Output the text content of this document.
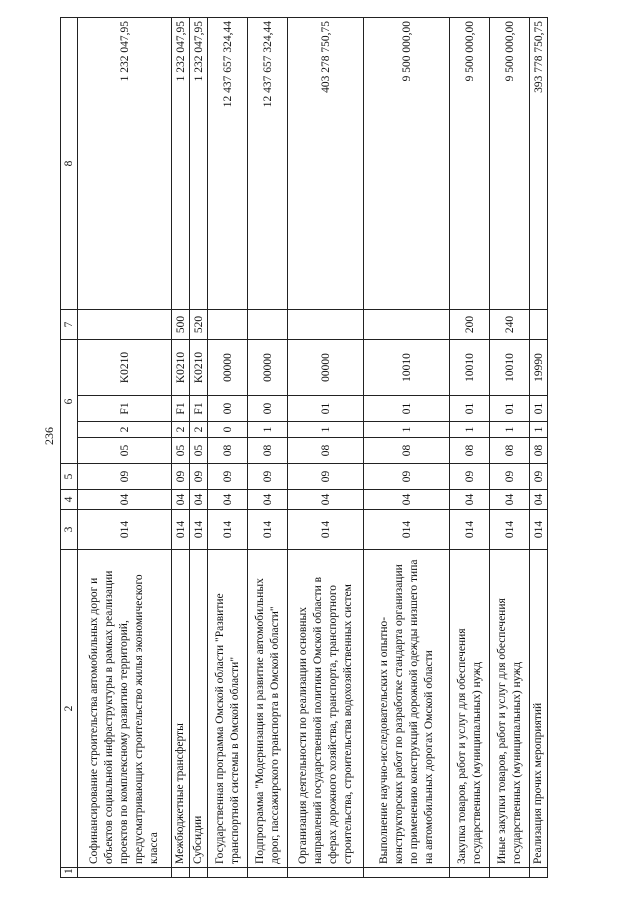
236
1	2	3	4	5	6				7	8
	Софинансирование строительства автомобильных дорог и объектов социальной инфраструктуры в рамках реализации проектов по комплексному развитию территорий, предусматривающих строительство жилья экономического класса	014	04	09	05	2	F1	K0210		1 232 047,95
	Межбюджетные трансферты	014	04	09	05	2	F1	K0210	500	1 232 047,95
	Субсидии	014	04	09	05	2	F1	K0210	520	1 232 047,95
	Государственная программа Омской области "Развитие транспортной системы в Омской области"	014	04	09	08	0	00	00000		12 437 657 324,44
	Подпрограмма "Модернизация и развитие автомобильных дорог, пассажирского транспорта в Омской области"	014	04	09	08	1	00	00000		12 437 657 324,44
	Организация деятельности по реализации основных направлений государственной политики Омской области в сферах дорожного хозяйства, транспорта, транспортного строительства, строительства водохозяйственных систем	014	04	09	08	1	01	00000		403 278 750,75
	Выполнение научно-исследовательских и опытно-конструкторских работ по разработке стандарта организации по применению конструкций дорожной одежды низшего типа на автомобильных дорогах Омской области	014	04	09	08	1	01	10010		9 500 000,00
	Закупка товаров, работ и услуг для обеспечения государственных (муниципальных) нужд	014	04	09	08	1	01	10010	200	9 500 000,00
	Иные закупки товаров, работ и услуг для обеспечения государственных (муниципальных) нужд	014	04	09	08	1	01	10010	240	9 500 000,00
	Реализация прочих мероприятий	014	04	09	08	1	01	19990		393 778 750,75
